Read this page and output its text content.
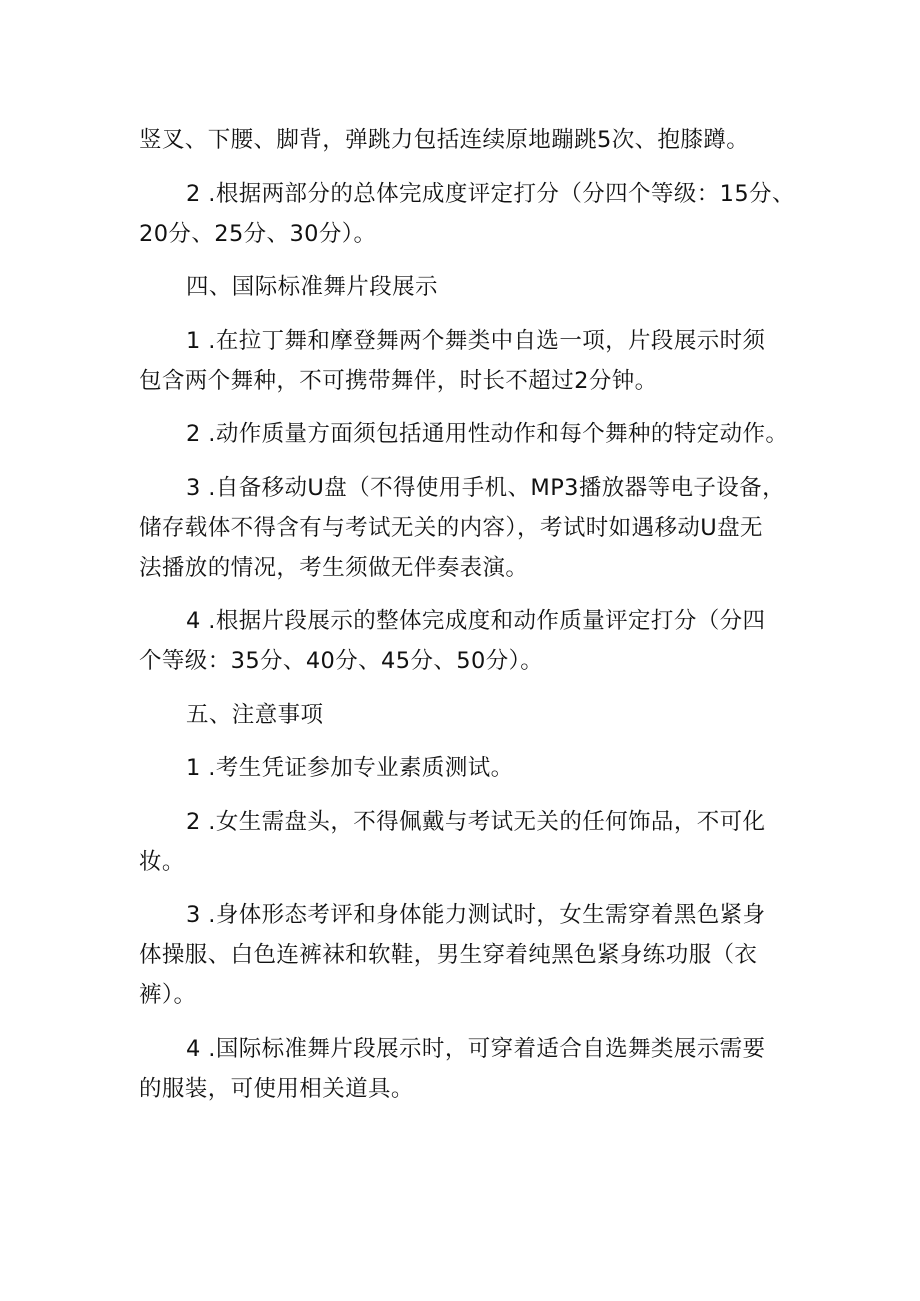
竖叉、下腰、脚背，弹跳力包括连续原地蹦跳5次、抱膝蹲。
2 .根据两部分的总体完成度评定打分（分四个等级：15分、
20分、25分、30分）。
四、国际标准舞片段展示
1 .在拉丁舞和摩登舞两个舞类中自选一项，片段展示时须
包含两个舞种，不可携带舞伴，时长不超过2分钟。
2 .动作质量方面须包括通用性动作和每个舞种的特定动作。
3 .自备移动U盘（不得使用手机、MP3播放器等电子设备，
储存载体不得含有与考试无关的内容），考试时如遇移动U盘无
法播放的情况，考生须做无伴奏表演。
4 .根据片段展示的整体完成度和动作质量评定打分（分四
个等级：35分、40分、45分、50分）。
五、注意事项
1 .考生凭证参加专业素质测试。
2 .女生需盘头，不得佩戴与考试无关的任何饰品，不可化
妆。
3 .身体形态考评和身体能力测试时，女生需穿着黑色紧身
体操服、白色连裤袜和软鞋，男生穿着纯黑色紧身练功服（衣
裤）。
4 .国际标准舞片段展示时，可穿着适合自选舞类展示需要
的服装，可使用相关道具。
